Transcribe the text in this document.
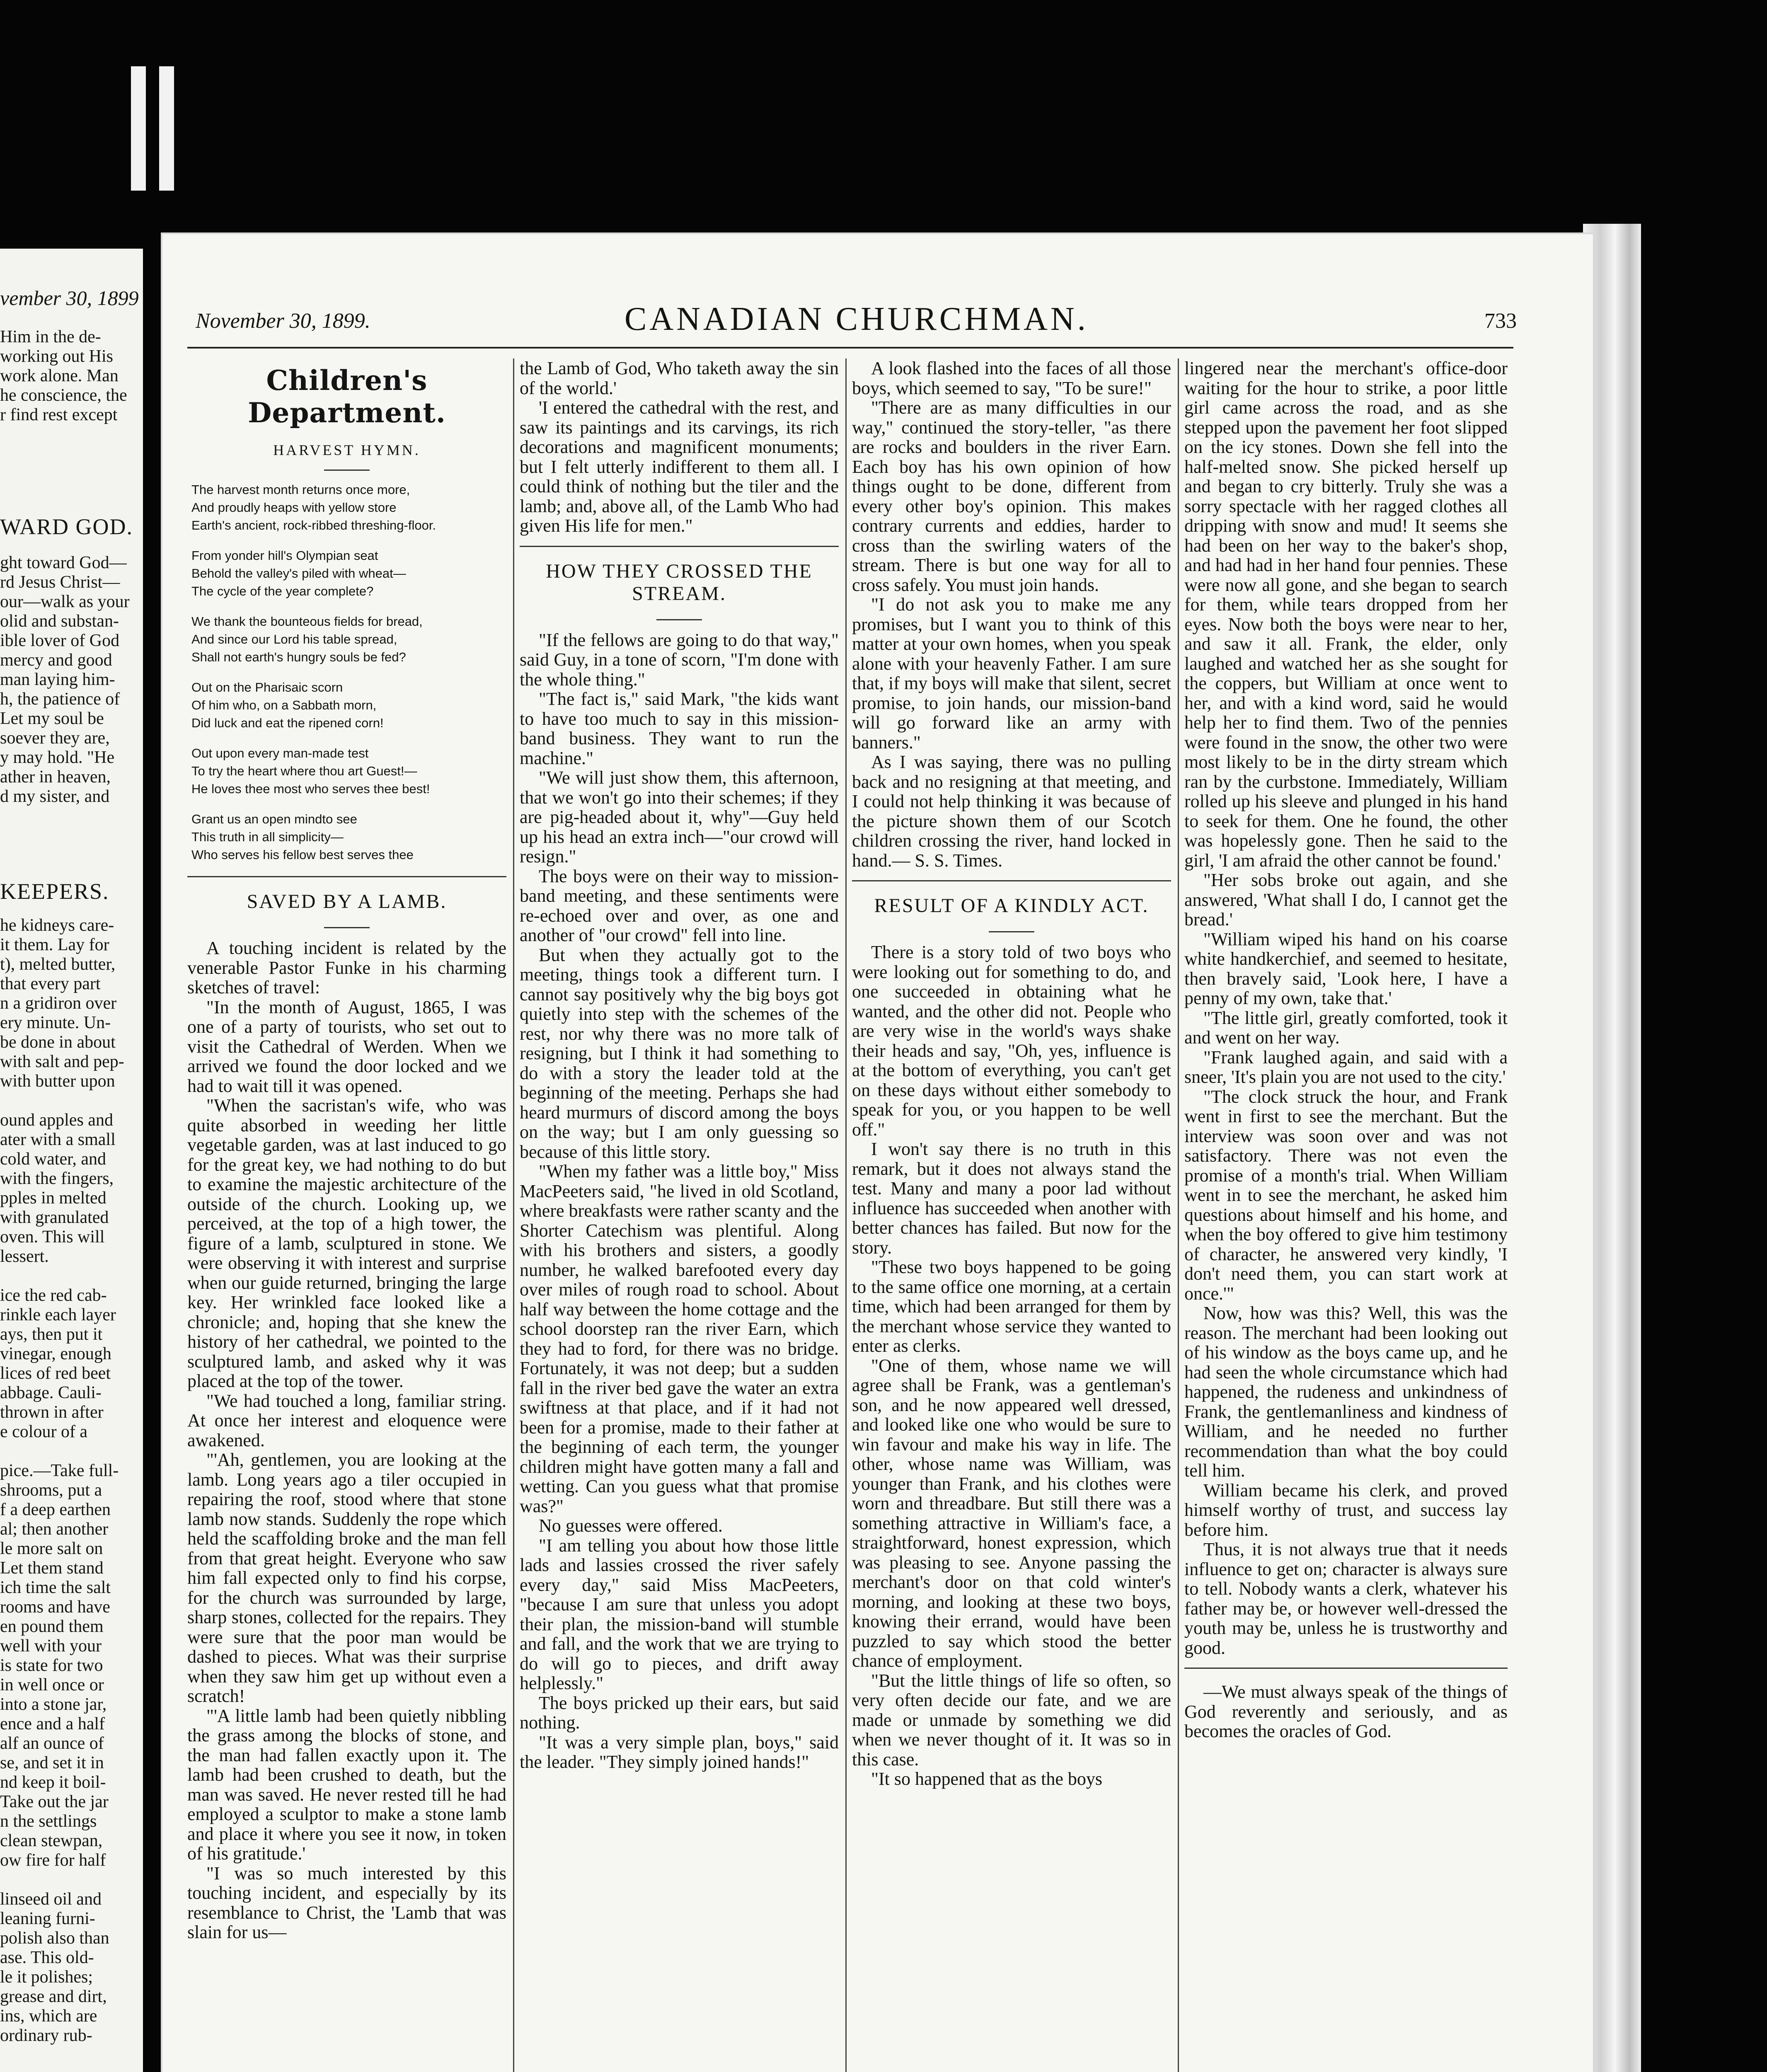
vember 30, 1899
Him in the de-
working out His
work alone. Man
he conscience, the
r find rest except
WARD GOD.
ght toward God—
rd Jesus Christ—
our—walk as your
olid and substan-
ible lover of God
mercy and good
man laying him-
h, the patience of
Let my soul be
soever they are,
y may hold. "He
ather in heaven,
d my sister, and
KEEPERS.
he kidneys care-
it them. Lay for
t), melted butter,
that every part
n a gridiron over
ery minute. Un-
be done in about
with salt and pep-
with butter upon
ound apples and
ater with a small
cold water, and
with the fingers,
pples in melted
with granulated
oven. This will
lessert.
ice the red cab-
rinkle each layer
ays, then put it
vinegar, enough
lices of red beet
abbage. Cauli-
thrown in after
e colour of a
pice.—Take full-
shrooms, put a
f a deep earthen
al; then another
le more salt on
Let them stand
ich time the salt
rooms and have
en pound them
well with your
is state for two
in well once or
into a stone jar,
ence and a half
alf an ounce of
se, and set it in
nd keep it boil-
Take out the jar
n the settlings
clean stewpan,
ow fire for half
linseed oil and
leaning furni-
polish also than
ase. This old-
le it polishes;
grease and dirt,
ins, which are
ordinary rub-
November 30, 1899.	CANADIAN CHURCHMAN.	733
Children's Department.
HARVEST HYMN.
The harvest month returns once more,
And proudly heaps with yellow store
Earth's ancient, rock-ribbed threshing-floor.
From yonder hill's Olympian seat
Behold the valley's piled with wheat—
The cycle of the year complete?
We thank the bounteous fields for bread,
And since our Lord his table spread,
Shall not earth's hungry souls be fed?
Out on the Pharisaic scorn
Of him who, on a Sabbath morn,
Did luck and eat the ripened corn!
Out upon every man-made test
To try the heart where thou art Guest!—
He loves thee most who serves thee best!
Grant us an open mindto see
This truth in all simplicity—
Who serves his fellow best serves thee
SAVED BY A LAMB.

A touching incident is related by the venerable Pastor Funke in his charming sketches of travel:

"In the month of August, 1865, I was one of a party of tourists, who set out to visit the Cathedral of Werden. When we arrived we found the door locked and we had to wait till it was opened.

"When the sacristan's wife, who was quite absorbed in weeding her little vegetable garden, was at last induced to go for the great key, we had nothing to do but to examine the majestic architecture of the outside of the church. Looking up, we perceived, at the top of a high tower, the figure of a lamb, sculptured in stone. We were observing it with interest and surprise when our guide returned, bringing the large key. Her wrinkled face looked like a chronicle; and, hoping that she knew the history of her cathedral, we pointed to the sculptured lamb, and asked why it was placed at the top of the tower.

"We had touched a long, familiar string. At once her interest and eloquence were awakened.

"'Ah, gentlemen, you are looking at the lamb. Long years ago a tiler occupied in repairing the roof, stood where that stone lamb now stands. Suddenly the rope which held the scaffolding broke and the man fell from that great height. Everyone who saw him fall expected only to find his corpse, for the church was surrounded by large, sharp stones, collected for the repairs. They were sure that the poor man would be dashed to pieces. What was their surprise when they saw him get up without even a scratch!

"'A little lamb had been quietly nibbling the grass among the blocks of stone, and the man had fallen exactly upon it. The lamb had been crushed to death, but the man was saved. He never rested till he had employed a sculptor to make a stone lamb and place it where you see it now, in token of his gratitude.'

"I was so much interested by this touching incident, and especially by its resemblance to Christ, the 'Lamb that was slain for us—

the Lamb of God, Who taketh away the sin of the world.'

'I entered the cathedral with the rest, and saw its paintings and its carvings, its rich decorations and magnificent monuments; but I felt utterly indifferent to them all. I could think of nothing but the tiler and the lamb; and, above all, of the Lamb Who had given His life for men."

HOW THEY CROSSED THE STREAM.

"If the fellows are going to do that way," said Guy, in a tone of scorn, "I'm done with the whole thing."

"The fact is," said Mark, "the kids want to have too much to say in this mission-band business. They want to run the machine."

"We will just show them, this afternoon, that we won't go into their schemes; if they are pig-headed about it, why"—Guy held up his head an extra inch—"our crowd will resign."

The boys were on their way to mission-band meeting, and these sentiments were re-echoed over and over, as one and another of "our crowd" fell into line.

But when they actually got to the meeting, things took a different turn. I cannot say positively why the big boys got quietly into step with the schemes of the rest, nor why there was no more talk of resigning, but I think it had something to do with a story the leader told at the beginning of the meeting. Perhaps she had heard murmurs of discord among the boys on the way; but I am only guessing so because of this little story.

"When my father was a little boy," Miss MacPeeters said, "he lived in old Scotland, where breakfasts were rather scanty and the Shorter Catechism was plentiful. Along with his brothers and sisters, a goodly number, he walked barefooted every day over miles of rough road to school. About half way between the home cottage and the school doorstep ran the river Earn, which they had to ford, for there was no bridge. Fortunately, it was not deep; but a sudden fall in the river bed gave the water an extra swiftness at that place, and if it had not been for a promise, made to their father at the beginning of each term, the younger children might have gotten many a fall and wetting. Can you guess what that promise was?"

No guesses were offered.

"I am telling you about how those little lads and lassies crossed the river safely every day," said Miss MacPeeters, "because I am sure that unless you adopt their plan, the mission-band will stumble and fall, and the work that we are trying to do will go to pieces, and drift away helplessly."

The boys pricked up their ears, but said nothing.

"It was a very simple plan, boys," said the leader. "They simply joined hands!"

A look flashed into the faces of all those boys, which seemed to say, "To be sure!"

"There are as many difficulties in our way," continued the story-teller, "as there are rocks and boulders in the river Earn. Each boy has his own opinion of how things ought to be done, different from every other boy's opinion. This makes contrary currents and eddies, harder to cross than the swirling waters of the stream. There is but one way for all to cross safely. You must join hands.

"I do not ask you to make me any promises, but I want you to think of this matter at your own homes, when you speak alone with your heavenly Father. I am sure that, if my boys will make that silent, secret promise, to join hands, our mission-band will go forward like an army with banners."

As I was saying, there was no pulling back and no resigning at that meeting, and I could not help thinking it was because of the picture shown them of our Scotch children crossing the river, hand locked in hand.— S. S. Times.

RESULT OF A KINDLY ACT.

There is a story told of two boys who were looking out for something to do, and one succeeded in obtaining what he wanted, and the other did not. People who are very wise in the world's ways shake their heads and say, "Oh, yes, influence is at the bottom of everything, you can't get on these days without either somebody to speak for you, or you happen to be well off."

I won't say there is no truth in this remark, but it does not always stand the test. Many and many a poor lad without influence has succeeded when another with better chances has failed. But now for the story.

"These two boys happened to be going to the same office one morning, at a certain time, which had been arranged for them by the merchant whose service they wanted to enter as clerks.

"One of them, whose name we will agree shall be Frank, was a gentleman's son, and he now appeared well dressed, and looked like one who would be sure to win favour and make his way in life. The other, whose name was William, was younger than Frank, and his clothes were worn and threadbare. But still there was a something attractive in William's face, a straightforward, honest expression, which was pleasing to see. Anyone passing the merchant's door on that cold winter's morning, and looking at these two boys, knowing their errand, would have been puzzled to say which stood the better chance of employment.

"But the little things of life so often, so very often decide our fate, and we are made or unmade by something we did when we never thought of it. It was so in this case.

"It so happened that as the boys

lingered near the merchant's office-door waiting for the hour to strike, a poor little girl came across the road, and as she stepped upon the pavement her foot slipped on the icy stones. Down she fell into the half-melted snow. She picked herself up and began to cry bitterly. Truly she was a sorry spectacle with her ragged clothes all dripping with snow and mud! It seems she had been on her way to the baker's shop, and had had in her hand four pennies. These were now all gone, and she began to search for them, while tears dropped from her eyes. Now both the boys were near to her, and saw it all. Frank, the elder, only laughed and watched her as she sought for the coppers, but William at once went to her, and with a kind word, said he would help her to find them. Two of the pennies were found in the snow, the other two were most likely to be in the dirty stream which ran by the curbstone. Immediately, William rolled up his sleeve and plunged in his hand to seek for them. One he found, the other was hopelessly gone. Then he said to the girl, 'I am afraid the other cannot be found.'

"Her sobs broke out again, and she answered, 'What shall I do, I cannot get the bread.'

"William wiped his hand on his coarse white handkerchief, and seemed to hesitate, then bravely said, 'Look here, I have a penny of my own, take that.'

"The little girl, greatly comforted, took it and went on her way.

"Frank laughed again, and said with a sneer, 'It's plain you are not used to the city.'

"The clock struck the hour, and Frank went in first to see the merchant. But the interview was soon over and was not satisfactory. There was not even the promise of a month's trial. When William went in to see the merchant, he asked him questions about himself and his home, and when the boy offered to give him testimony of character, he answered very kindly, 'I don't need them, you can start work at once.'"

Now, how was this? Well, this was the reason. The merchant had been looking out of his window as the boys came up, and he had seen the whole circumstance which had happened, the rudeness and unkindness of Frank, the gentlemanliness and kindness of William, and he needed no further recommendation than what the boy could tell him.

William became his clerk, and proved himself worthy of trust, and success lay before him.

Thus, it is not always true that it needs influence to get on; character is always sure to tell. Nobody wants a clerk, whatever his father may be, or however well-dressed the youth may be, unless he is trustworthy and good.

—We must always speak of the things of God reverently and seriously, and as becomes the oracles of God.
